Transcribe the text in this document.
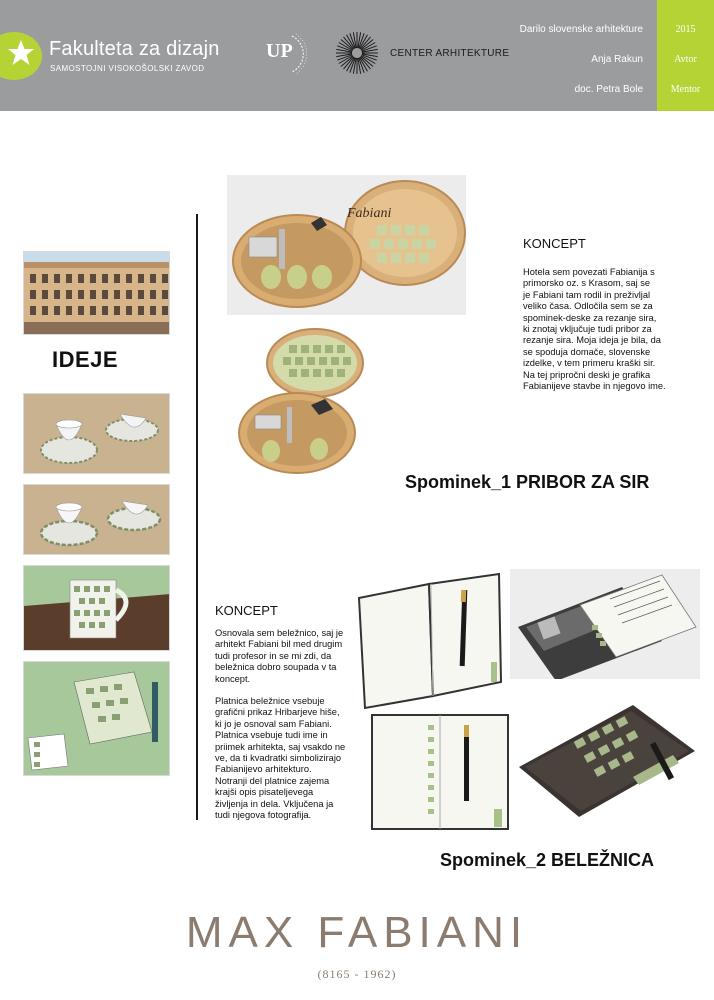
Fakulteta za dizajn
SAMOSTOJNI VISOKOŠOLSKI ZAVOD
UP	CENTER ARHITEKTURE
Darilo slovenske arhitekture
Anja Rakun
doc. Petra Bole
2015
Avtor
Mentor
IDEJE
Fabiani
KONCEPT

Hotela sem povezati Fabianija s

primorsko oz. s Krasom, saj se

je Fabiani tam rodil in preživljal

veliko časa. Odločila sem se za

spominek-deske za rezanje sira,

ki znotaj vključuje tudi pribor za

rezanje sira. Moja ideja je bila, da

se spoduja domače, slovenske

izdelke, v tem primeru kraški sir.

Na tej pripročni deski je grafika

Fabianijeve stavbe in njegovo ime.

Spominek_1 PRIBOR ZA SIR
KONCEPT

Osnovala sem beležnico, saj je

arhitekt Fabiani bil med drugim

tudi profesor in se mi zdi, da

beležnica dobro soupada v ta

koncept.

Platnica beležnice vsebuje

grafični prikaz Hribarjeve hiše,

ki jo je osnoval sam Fabiani.

Platnica vsebuje tudi ime in

priimek arhitekta, saj vsakdo ne

ve, da ti kvadratki simbolizirajo

Fabianijevo arhitekturo.

Notranji del platnice zajema

krajši opis pisateljevega

življenja in dela. Vključena ja

tudi njegova fotografija.

Spominek_2 BELEŽNICA
MAX FABIANI
(8165 - 1962)
